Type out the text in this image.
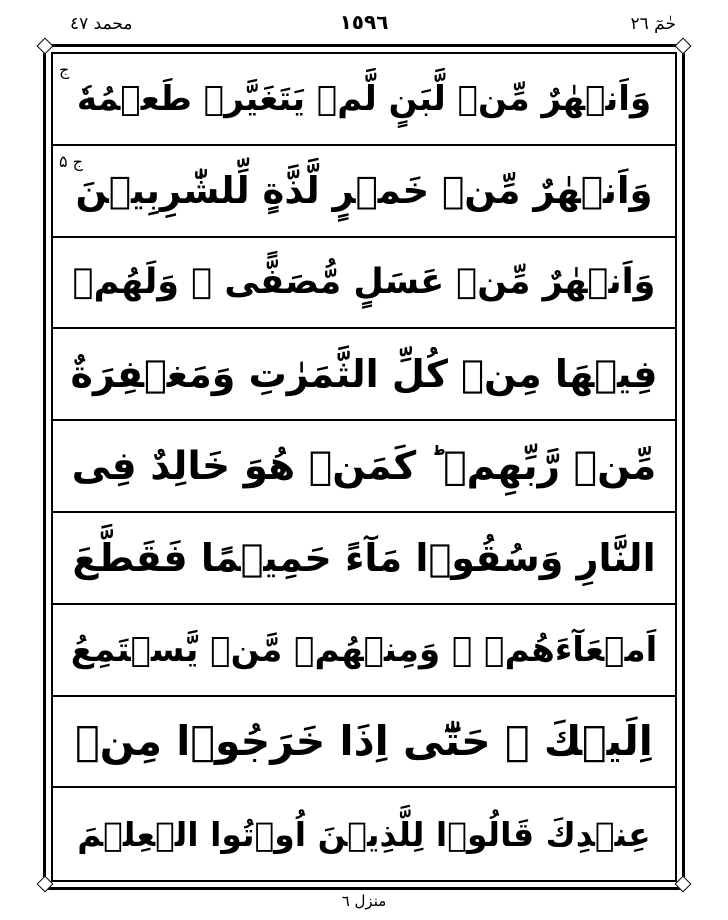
محمد ٤٧	١٥٩٦	حٰمٓ ٢٦
ج
وَاَنۡهٰرٌ مِّنۡ لَّبَنٍ لَّمۡ يَتَغَيَّرۡ طَعۡمُهٗ
ج ۵
وَاَنۡهٰرٌ مِّنۡ خَمۡرٍ لَّذَّةٍ لِّلشّٰرِبِيۡنَ
وَاَنۡهٰرٌ مِّنۡ عَسَلٍ مُّصَفًّى ۚ وَلَهُمۡ
فِيۡهَا مِنۡ كُلِّ الثَّمَرٰتِ وَمَغۡفِرَةٌ
مِّنۡ رَّبِّهِمۡ ؕ كَمَنۡ هُوَ خَالِدٌ فِى
النَّارِ وَسُقُوۡا مَآءً حَمِيۡمًا فَقَطَّعَ
اَمۡعَآءَهُمۡ ⑮ وَمِنۡهُمۡ مَّنۡ يَّسۡتَمِعُ
اِلَيۡكَ ۚ حَتّٰٓى اِذَا خَرَجُوۡا مِنۡ
عِنۡدِكَ قَالُوۡا لِلَّذِيۡنَ اُوۡتُوا الۡعِلۡمَ
منزل ٦
